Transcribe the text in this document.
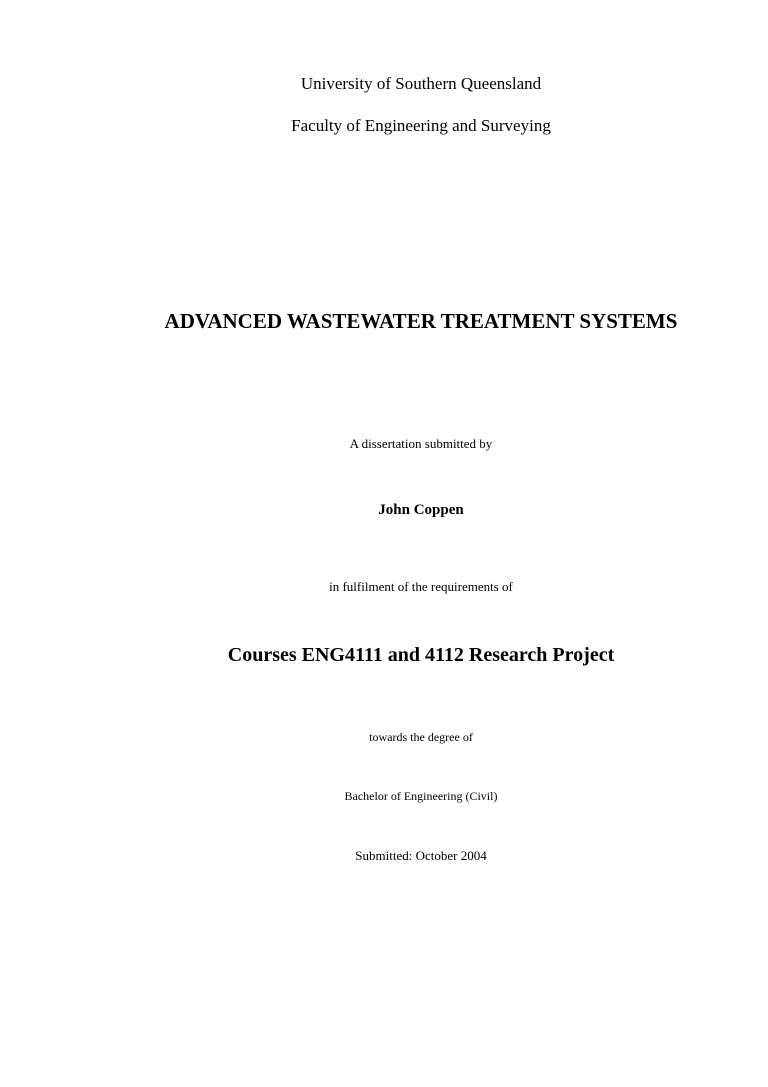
University of Southern Queensland
Faculty of Engineering and Surveying
ADVANCED WASTEWATER TREATMENT SYSTEMS
A dissertation submitted by
John Coppen
in fulfilment of the requirements of
Courses ENG4111 and 4112 Research Project
towards the degree of
Bachelor of Engineering (Civil)
Submitted: October 2004
